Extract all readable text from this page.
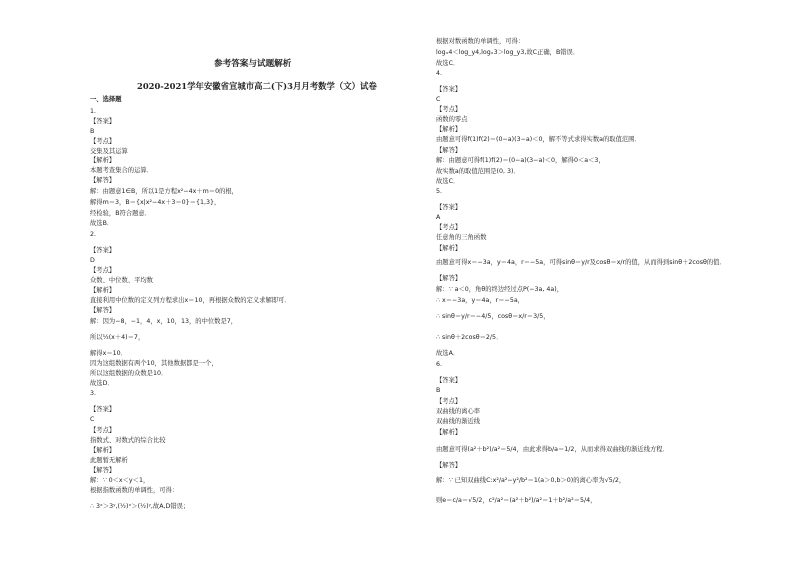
参考答案与试题解析
2020-2021学年安徽省宣城市高二(下)3月月考数学（文）试卷
一、选择题
1.
【答案】
B
【考点】
交集及其运算
【解析】
本题考查集合的运算．
【解答】
解：由题意1∈B，所以1是方程x²−4x＋m＝0的根，
解得m＝3，B＝{x|x²−4x＋3＝0}＝{1,3}，
经检验，B符合题意．
故选B．
2.
【答案】
D
【考点】
众数、中位数、平均数
【解析】
直接利用中位数的定义列方程求出x＝10，再根据众数的定义求解即可．
【解答】
解：因为−8，−1，4，x，10，13，的中位数是7，
所以½(x＋4)＝7，
解得x＝10．
因为这组数据有两个10，其他数据都是一个，
所以这组数据的众数是10．
故选D．
3.
【答案】
C
【考点】
指数式、对数式的综合比较
【解析】
此题暂无解析
【解答】
解：∵ 0＜x＜y＜1，
根据指数函数的单调性，可得：
∴ 3ˣ＞3ʸ,(½)ˣ＞(½)ʸ,故A,D错误；
根据对数函数的单调性，可得：
logₓ4＜log_y4,logₓ3＞log_y3,故C正确，B错误．
故选C．
4.
【答案】
C
【考点】
函数的零点
【解析】
由题意可得f(1)f(2)＝(0−a)(3−a)＜0，解不等式求得实数a的取值范围．
【解答】
解：由题意可得f(1)f(2)＝(0−a)(3−a)＜0，解得0＜a＜3，
故实数a的取值范围是(0, 3)．
故选C．
5.
【答案】
A
【考点】
任意角的三角函数
【解析】
由题意可得x＝−3a，y＝4a，r＝−5a，可得sinθ＝y/r及cosθ＝x/r的值，从而得到sinθ＋2cosθ的值．
【解答】
解：∵ a＜0，角θ的终边经过点P(−3a, 4a)，
∴ x＝−3a，y＝4a，r＝−5a，
∴ sinθ＝y/r＝−4/5，cosθ＝x/r＝3/5，
∴ sinθ＋2cosθ＝2/5．
故选A．
6.
【答案】
B
【考点】
双曲线的离心率
双曲线的渐近线
【解析】
由题意可得(a²＋b²)/a²＝5/4，由此求得b/a＝1/2，从而求得双曲线的渐近线方程．
【解答】
解：∵ 已知双曲线C:x²/a²−y²/b²＝1(a＞0,b＞0)的离心率为√5/2，
则e＝c/a＝√5/2，c²/a²＝(a²＋b²)/a²＝1＋b²/a²＝5/4，
